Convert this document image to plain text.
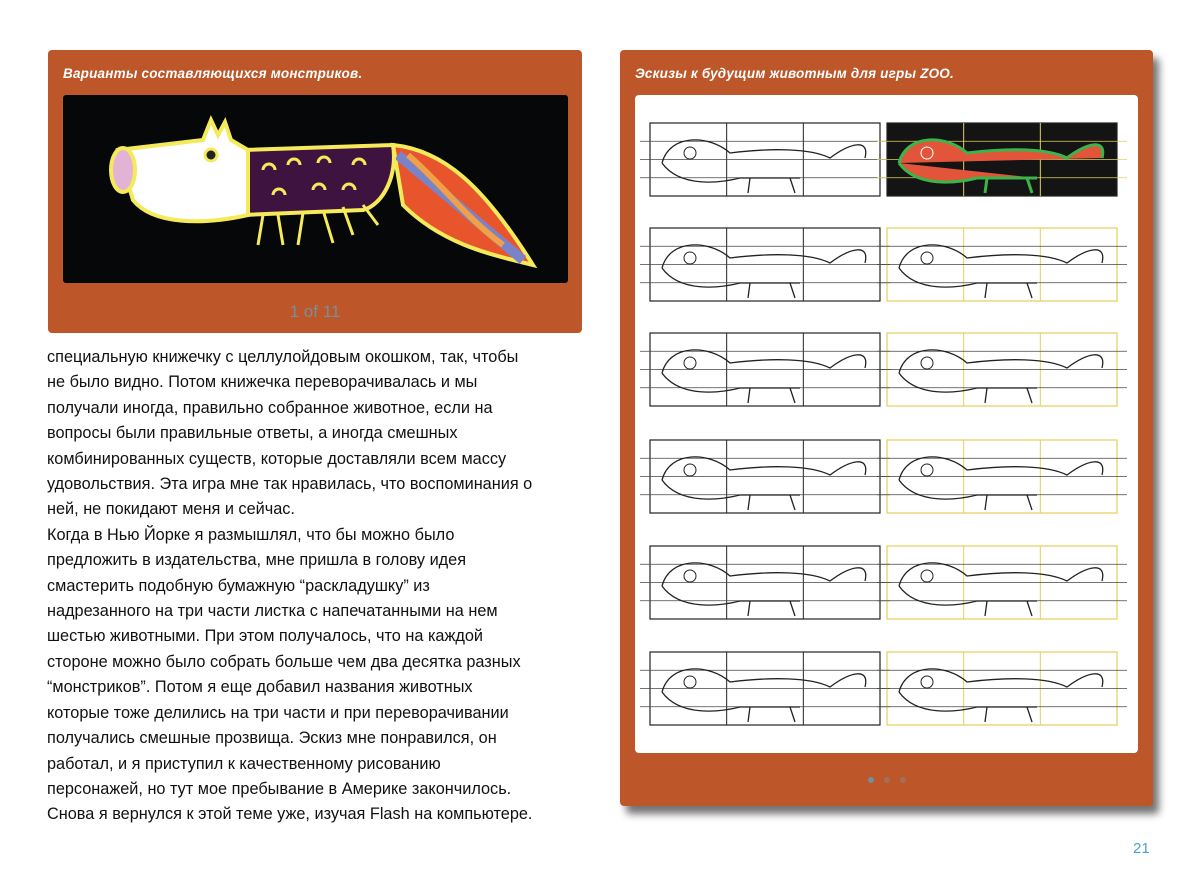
Варианты составляющихся монстриков.
1 of 11
специальную книжечку с целлулойдовым окошком, так, чтобы
не было видно. Потом книжечка переворачивалась и мы
получали иногда, правильно собранное животное, если на
вопросы были правильные ответы, а иногда смешных
комбинированных существ, которые доставляли всем массу
удовольствия. Эта игра мне так нравилась, что воспоминания о
ней, не покидают меня и сейчас.
Когда в Нью Йорке я размышлял, что бы можно было
предложить в издательства, мне пришла в голову идея
смастерить подобную бумажную “раскладушку” из
надрезанного на три части листка с напечатанными на нем
шестью животными. При этом получалось, что на каждой
стороне можно было собрать больше чем два десятка разных
“монстриков”. Потом я еще добавил названия животных
которые тоже делились на три части и при переворачивании
получались смешные прозвища. Эскиз мне понравился, он
работал, и я приступил к качественному рисованию
персонажей, но тут мое пребывание в Америке закончилось.
Снова я вернулся к этой теме уже, изучая Flash на компьютере.
Эскизы к будущим животным для игры ZOO.
21
